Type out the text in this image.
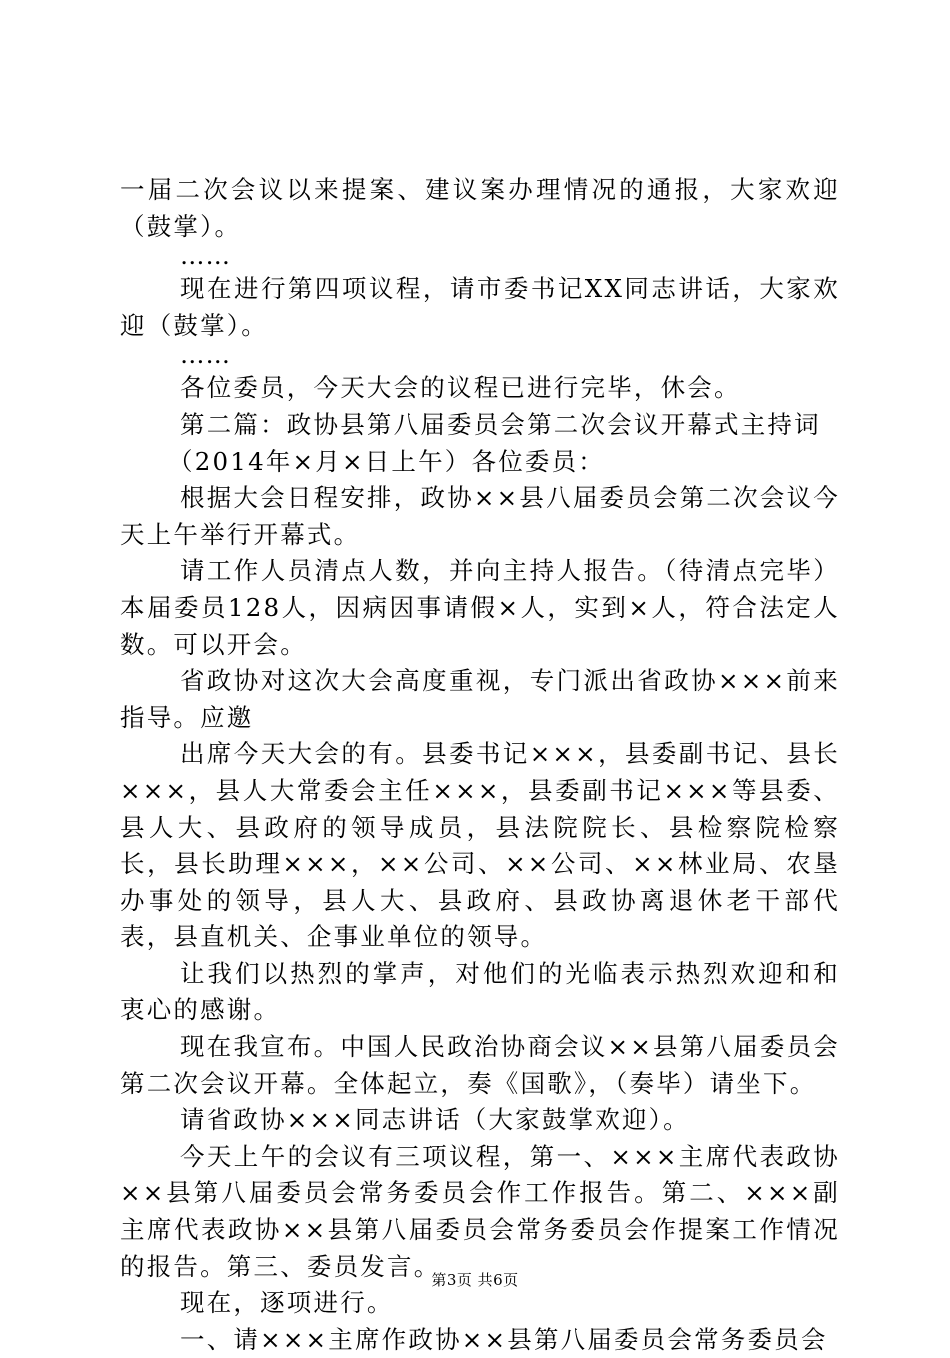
一届二次会议以来提案、建议案办理情况的通报，大家欢迎（鼓掌）。

……

现在进行第四项议程，请市委书记XX同志讲话，大家欢迎（鼓掌）。

……

各位委员，今天大会的议程已进行完毕，休会。

第二篇：政协县第八届委员会第二次会议开幕式主持词

（2014年×月×日上午）各位委员：

根据大会日程安排，政协××县八届委员会第二次会议今天上午举行开幕式。

请工作人员清点人数，并向主持人报告。（待清点完毕）本届委员128人，因病因事请假×人，实到×人，符合法定人数。可以开会。

省政协对这次大会高度重视，专门派出省政协×××前来指导。应邀

出席今天大会的有。县委书记×××，县委副书记、县长×××，县人大常委会主任×××，县委副书记×××等县委、县人大、县政府的领导成员，县法院院长、县检察院检察长，县长助理×××，××公司、××公司、××林业局、农垦办事处的领导，县人大、县政府、县政协离退休老干部代表，县直机关、企事业单位的领导。

让我们以热烈的掌声，对他们的光临表示热烈欢迎和和衷心的感谢。

现在我宣布。中国人民政治协商会议××县第八届委员会第二次会议开幕。全体起立，奏《国歌》，（奏毕）请坐下。

请省政协×××同志讲话（大家鼓掌欢迎）。

今天上午的会议有三项议程，第一、×××主席代表政协××县第八届委员会常务委员会作工作报告。第二、×××副主席代表政协××县第八届委员会常务委员会作提案工作情况的报告。第三、委员发言。

现在，逐项进行。

一、请×××主席作政协××县第八届委员会常务委员会

第3页 共6页
